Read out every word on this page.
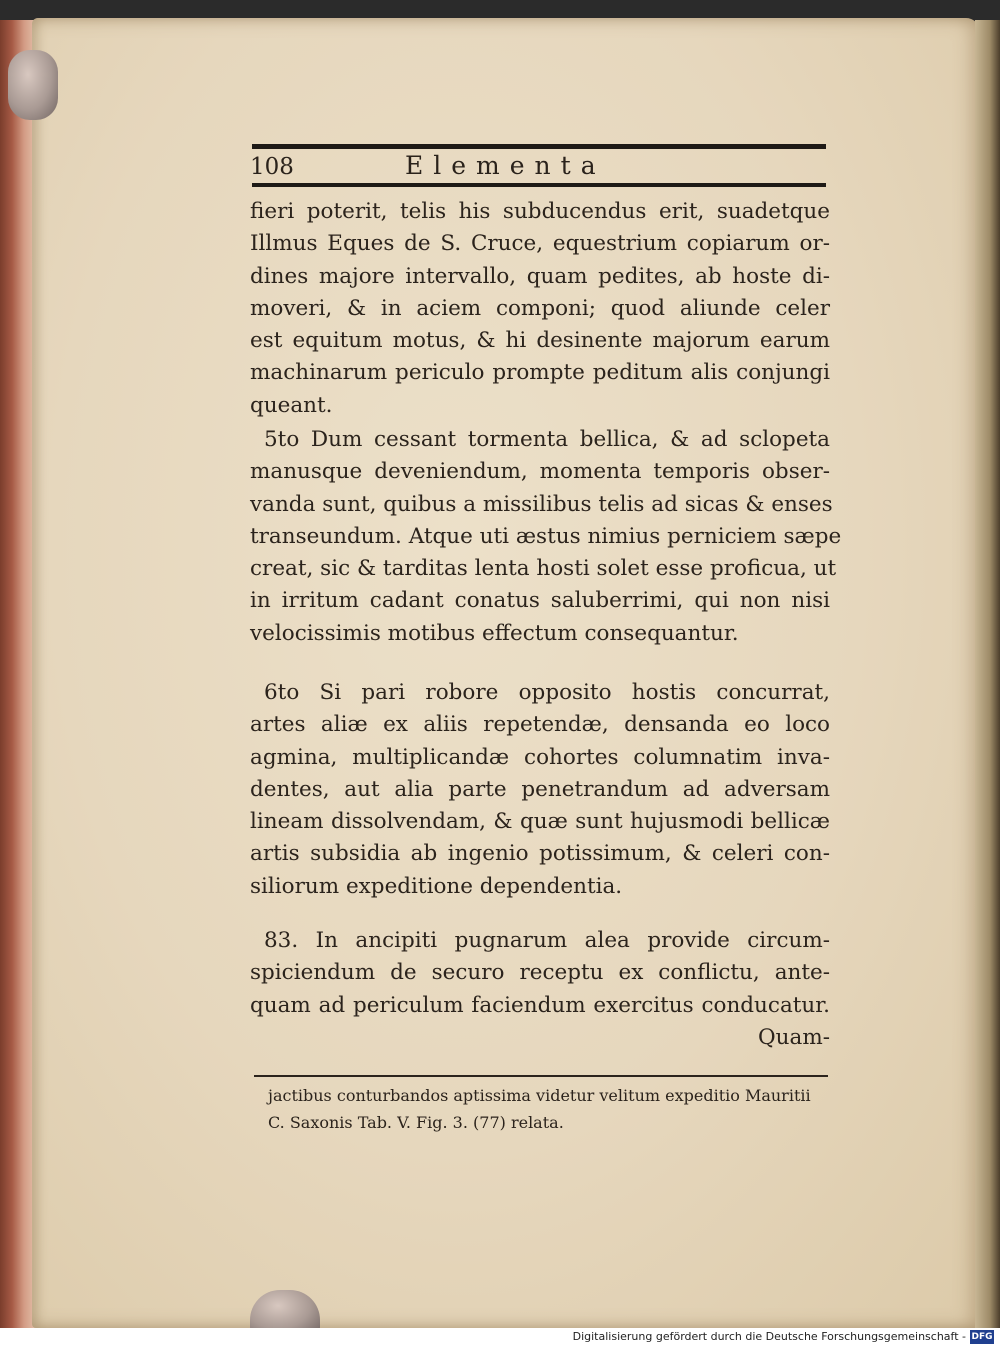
108	Elementa
fieri poterit, telis his subducendus erit, suadetque
Illmus Eques de S. Cruce, equestrium copiarum or-
dines majore intervallo, quam pedites, ab hoste di-
moveri, & in aciem componi; quod aliunde celer
est equitum motus, & hi desinente majorum earum
machinarum periculo prompte peditum alis conjungi
queant.
5to Dum cessant tormenta bellica, & ad sclopeta
manusque deveniendum, momenta temporis obser-
vanda sunt, quibus a missilibus telis ad sicas & enses
transeundum. Atque uti æstus nimius perniciem sæpe
creat, sic & tarditas lenta hosti solet esse proficua, ut
in irritum cadant conatus saluberrimi, qui non nisi
velocissimis motibus effectum consequantur.
6to Si pari robore opposito hostis concurrat,
artes aliæ ex aliis repetendæ, densanda eo loco
agmina, multiplicandæ cohortes columnatim inva-
dentes, aut alia parte penetrandum ad adversam
lineam dissolvendam, & quæ sunt hujusmodi bellicæ
artis subsidia ab ingenio potissimum, & celeri con-
siliorum expeditione dependentia.
83. In ancipiti pugnarum alea provide circum-
spiciendum de securo receptu ex conflictu, ante-
quam ad periculum faciendum exercitus conducatur.
Quam-
jactibus conturbandos aptissima videtur velitum expeditio Mauritii
C. Saxonis Tab. V. Fig. 3. (77) relata.
Digitalisierung gefördert durch die Deutsche Forschungsgemeinschaft - DFG
